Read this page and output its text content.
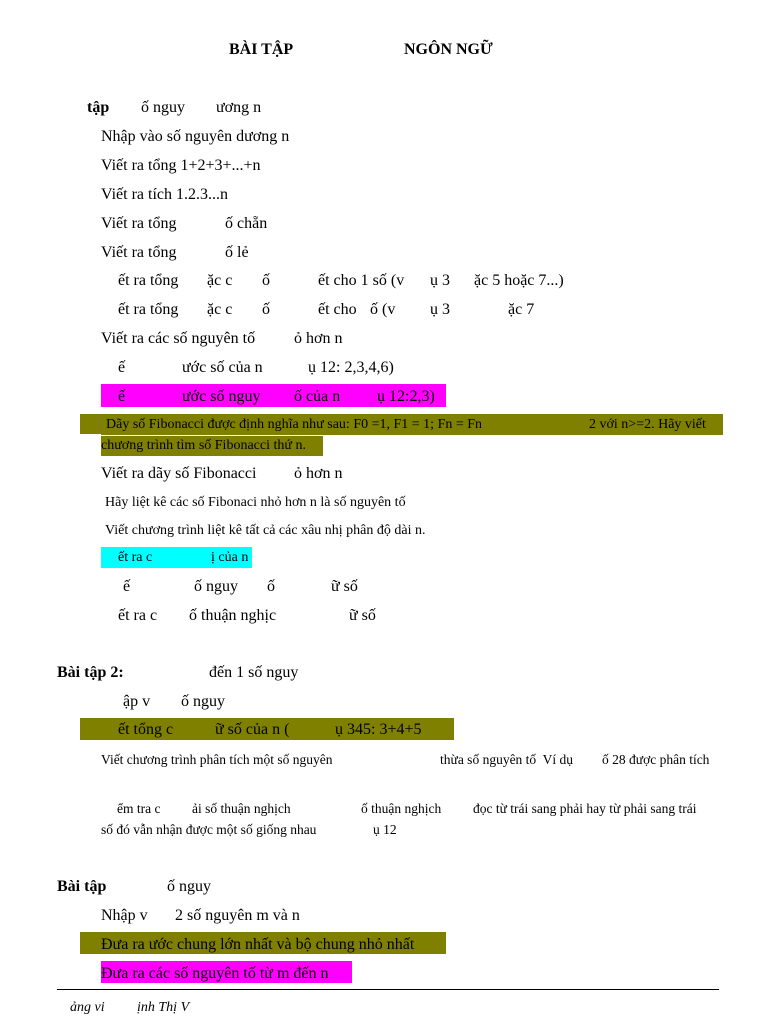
BÀI TẬP	NGÔN NGỮ
tập ố nguy ương n
Nhập vào số nguyên dương n
Viết ra tổng 1+2+3+...+n
Viết ra tích 1.2.3...n
Viết ra tổng	ố chẵn
Viết ra tổng	ố lẻ
ết ra tổng ặc c ố	ết cho 1 số (v ụ 3 ặc 5 hoặc 7...)
ết ra tổng ặc c ố	ết cho ố (v ụ 3	ặc 7
Viết ra các số nguyên tố ỏ hơn n
ế	ước số của n	ụ 12: 2,3,4,6)
ế	ước số nguy ố của n ụ 12:2,3)
Dãy số Fibonacci được định nghĩa như sau: F0 =1, F1 = 1; Fn = Fn	2 với n>=2. Hãy viết
chương trình tìm số Fibonacci thứ n.
Viết ra dãy số Fibonacci ỏ hơn n
Hãy liệt kê các số Fibonaci nhỏ hơn n là số nguyên tố
Viết chương trình liệt kê tất cả các xâu nhị phân độ dài n.
ết ra c	ị của n
ế	ố nguy ố	ữ số
ết ra c ố thuận nghịc	ữ số
Bài tập 2:	đến 1 số nguy
ập v ố nguy
ết tổng c	ữ số của n (	ụ 345: 3+4+5
Viết chương trình phân tích một số nguyên	thừa số nguyên tố  Ví dụ ố 28 được phân tích
ểm tra c ải số thuận nghịch	ố thuận nghịch đọc từ trái sang phải hay từ phải sang trái
số đó vẫn nhận được một số giống nhau	ụ 12
Bài tập	ố nguy
Nhập v 2 số nguyên m và n
Đưa ra ước chung lớn nhất và bộ chung nhỏ nhất
Đưa ra các số nguyên tố từ m đến n
ảng vi ịnh Thị V
